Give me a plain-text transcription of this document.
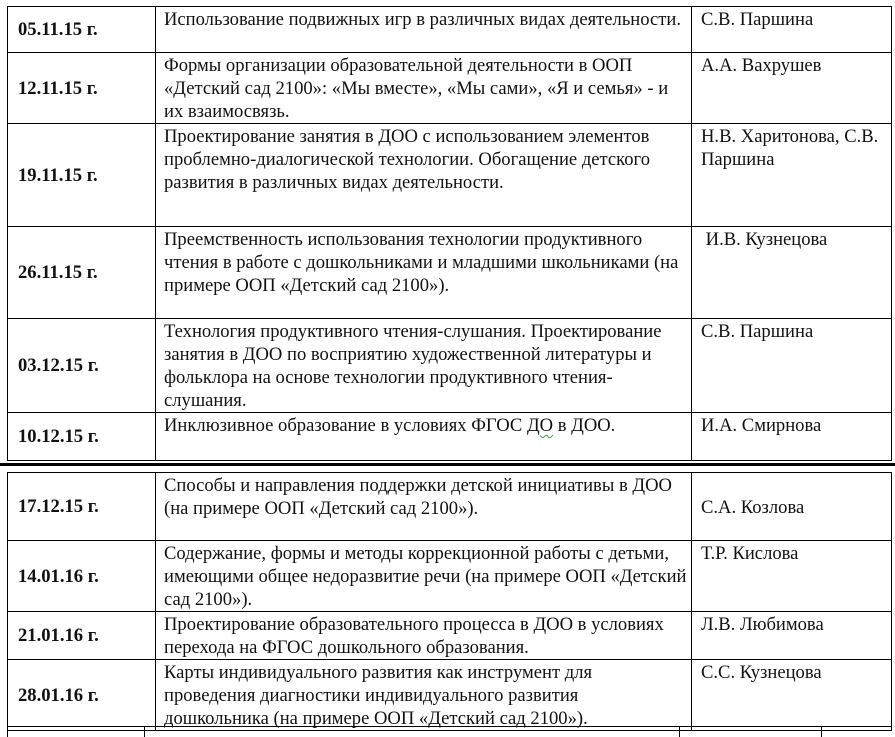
05.11.15 г.	Использование подвижных игр в различных видах деятельности.	С.В. Паршина
12.11.15 г.	Формы организации образовательной деятельности в ООП «Детский сад 2100»: «Мы вместе», «Мы сами», «Я и семья» - и их взаимосвязь.	А.А. Вахрушев
19.11.15 г.	Проектирование занятия в ДОО с использованием элементов проблемно-диалогической технологии. Обогащение детского развития в различных видах деятельности.	Н.В. Харитонова, С.В. Паршина
26.11.15 г.	Преемственность использования технологии продуктивного чтения в работе с дошкольниками и младшими школьниками (на примере ООП «Детский сад 2100»).	И.В. Кузнецова
03.12.15 г.	Технология продуктивного чтения-слушания. Проектирование занятия в ДОО по восприятию художественной литературы и фольклора на основе технологии продуктивного чтения-слушания.	С.В. Паршина
10.12.15 г.	Инклюзивное образование в условиях ФГОС ДО в ДОО.	И.А. Смирнова
17.12.15 г.	Способы и направления поддержки детской инициативы в ДОО (на примере ООП «Детский сад 2100»).	С.А. Козлова
14.01.16 г.	Содержание, формы и методы коррекционной работы с детьми, имеющими общее недоразвитие речи (на примере ООП «Детский сад 2100»).	Т.Р. Кислова
21.01.16 г.	Проектирование образовательного процесса в ДОО в условиях перехода на ФГОС дошкольного образования.	Л.В. Любимова
28.01.16 г.	Карты индивидуального развития как инструмент для проведения диагностики индивидуального развития дошкольника (на примере ООП «Детский сад 2100»).	С.С. Кузнецова
